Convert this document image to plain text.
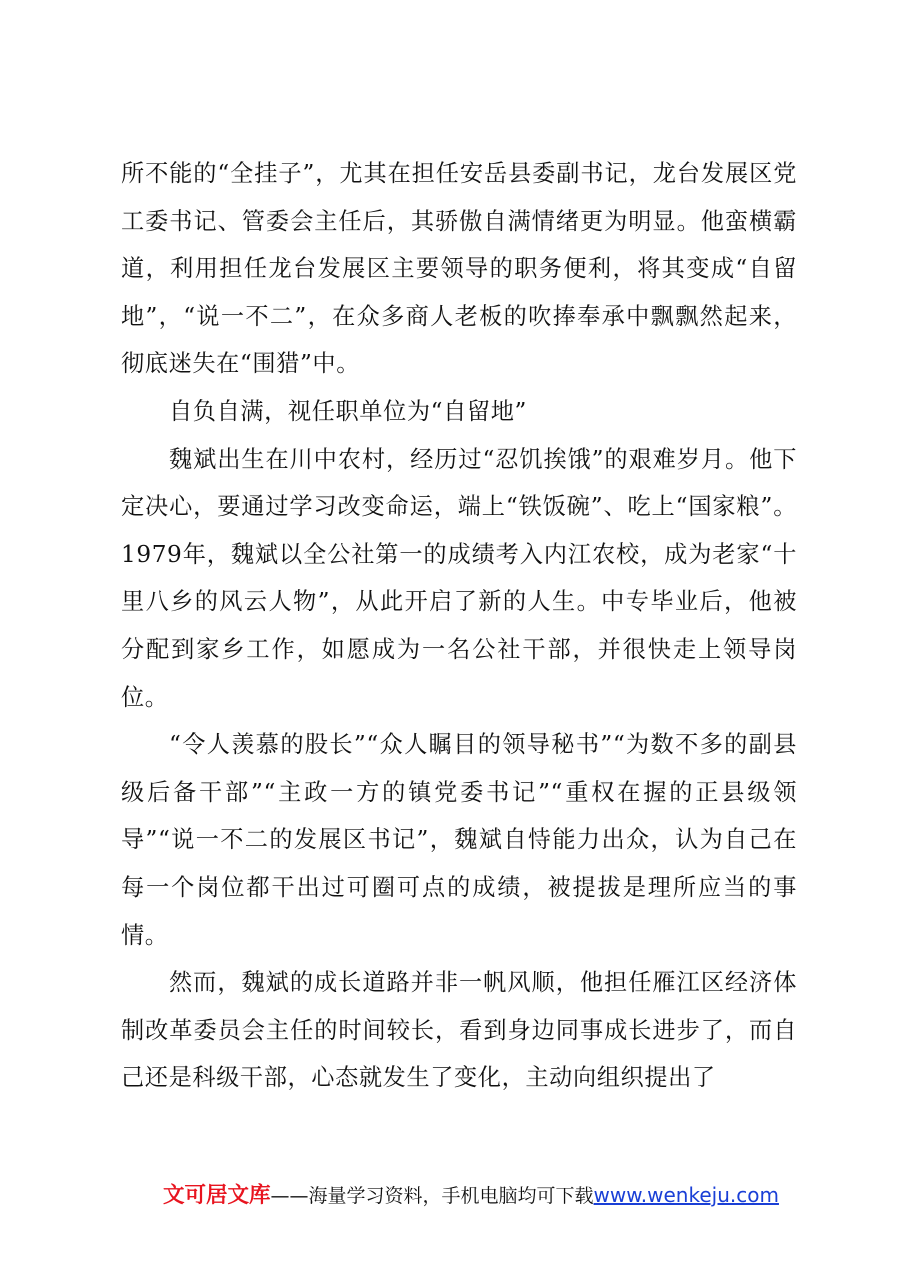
所不能的“全挂子”，尤其在担任安岳县委副书记，龙台发展区党工委书记、管委会主任后，其骄傲自满情绪更为明显。他蛮横霸道，利用担任龙台发展区主要领导的职务便利，将其变成“自留地”，“说一不二”，在众多商人老板的吹捧奉承中飘飘然起来，彻底迷失在“围猎”中。

自负自满，视任职单位为“自留地”

魏斌出生在川中农村，经历过“忍饥挨饿”的艰难岁月。他下定决心，要通过学习改变命运，端上“铁饭碗”、吃上“国家粮”。1979年，魏斌以全公社第一的成绩考入内江农校，成为老家“十里八乡的风云人物”，从此开启了新的人生。中专毕业后，他被分配到家乡工作，如愿成为一名公社干部，并很快走上领导岗位。

“令人羡慕的股长”“众人瞩目的领导秘书”“为数不多的副县级后备干部”“主政一方的镇党委书记”“重权在握的正县级领导”“说一不二的发展区书记”，魏斌自恃能力出众，认为自己在每一个岗位都干出过可圈可点的成绩，被提拔是理所应当的事情。

然而，魏斌的成长道路并非一帆风顺，他担任雁江区经济体制改革委员会主任的时间较长，看到身边同事成长进步了，而自己还是科级干部，心态就发生了变化，主动向组织提出了

文可居文库——海量学习资料，手机电脑均可下载www.wenkeju.com
